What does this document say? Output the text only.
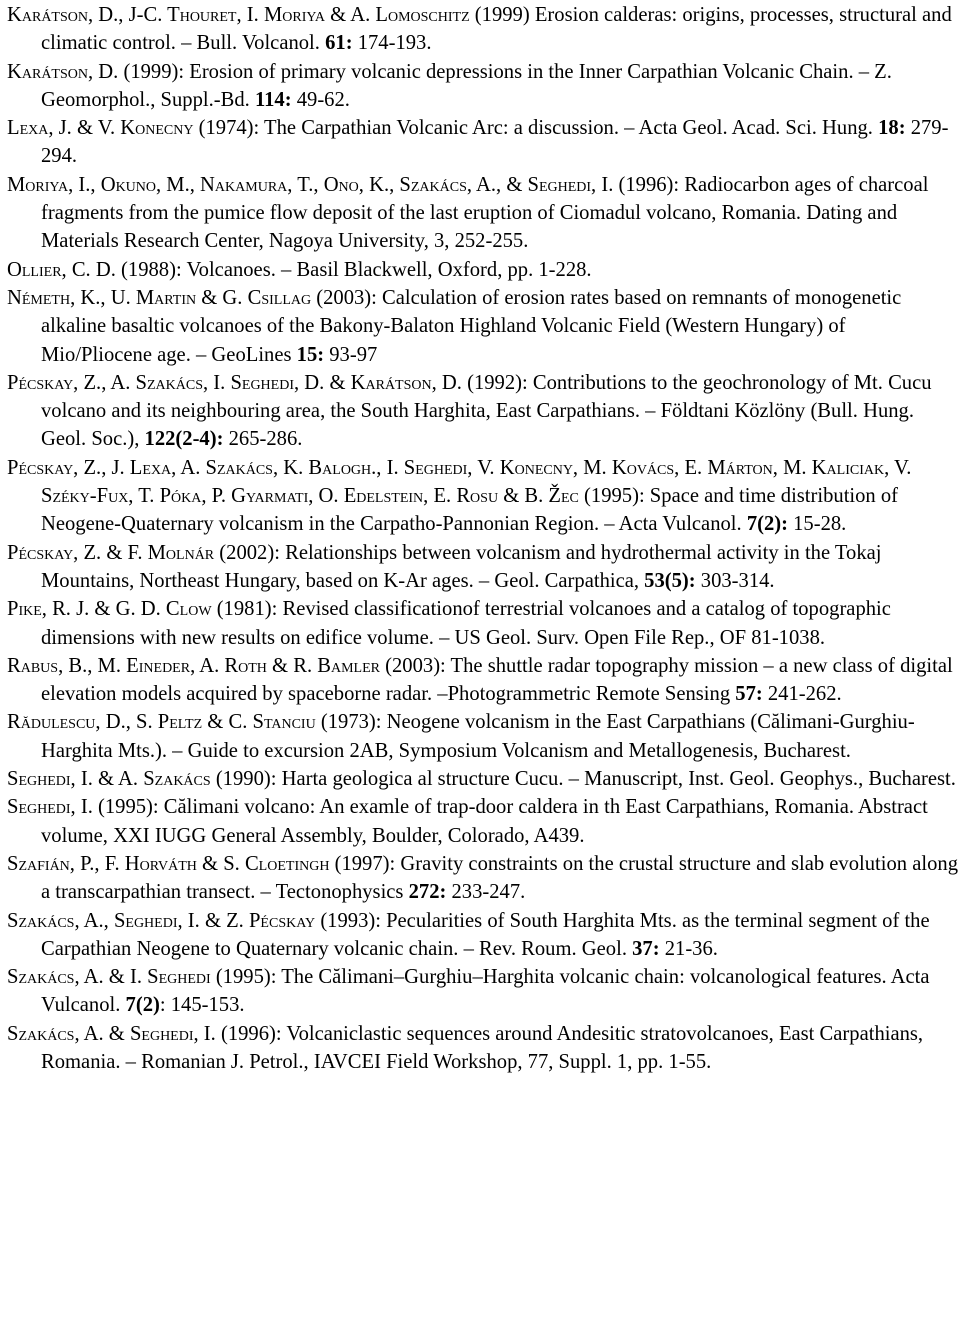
Karátson, D., J-C. Thouret, I. Moriya & A. Lomoschitz (1999) Erosion calderas: origins, processes, structural and climatic control. – Bull. Volcanol. 61: 174-193.

Karátson, D. (1999): Erosion of primary volcanic depressions in the Inner Carpathian Volcanic Chain. – Z. Geomorphol., Suppl.-Bd. 114: 49-62.

Lexa, J. & V. Konecny (1974): The Carpathian Volcanic Arc: a discussion. – Acta Geol. Acad. Sci. Hung. 18: 279-294.

Moriya, I., Okuno, M., Nakamura, T., Ono, K., Szakács, A., & Seghedi, I. (1996): Radiocarbon ages of charcoal fragments from the pumice flow deposit of the last eruption of Ciomadul volcano, Romania. Dating and Materials Research Center, Nagoya University, 3, 252-255.

Ollier, C. D. (1988): Volcanoes. – Basil Blackwell, Oxford, pp. 1-228.

Németh, K., U. Martin & G. Csillag (2003): Calculation of erosion rates based on remnants of monogenetic alkaline basaltic volcanoes of the Bakony-Balaton Highland Volcanic Field (Western Hungary) of Mio/Pliocene age. – GeoLines 15: 93-97

Pécskay, Z., A. Szakács, I. Seghedi, D. & Karátson, D. (1992): Contributions to the geochronology of Mt. Cucu volcano and its neighbouring area, the South Harghita, East Carpathians. – Földtani Közlöny (Bull. Hung. Geol. Soc.), 122(2-4): 265-286.

Pécskay, Z., J. Lexa, A. Szakács, K. Balogh., I. Seghedi, V. Konecny, M. Kovács, E. Márton, M. Kaliciak, V. Széky-Fux, T. Póka, P. Gyarmati, O. Edelstein, E. Rosu & B. Žec (1995): Space and time distribution of Neogene-Quaternary volcanism in the Carpatho-Pannonian Region. – Acta Vulcanol. 7(2): 15-28.

Pécskay, Z. & F. Molnár (2002): Relationships between volcanism and hydrothermal activity in the Tokaj Mountains, Northeast Hungary, based on K-Ar ages. – Geol. Carpathica, 53(5): 303-314.

Pike, R. J. & G. D. Clow (1981): Revised classificationof terrestrial volcanoes and a catalog of topographic dimensions with new results on edifice volume. – US Geol. Surv. Open File Rep., OF 81-1038.

Rabus, B., M. Eineder, A. Roth & R. Bamler (2003): The shuttle radar topography mission – a new class of digital elevation models acquired by spaceborne radar. –Photogrammetric Remote Sensing 57: 241-262.

Rădulescu, D., S. Peltz & C. Stanciu (1973): Neogene volcanism in the East Carpathians (Călimani-Gurghiu-Harghita Mts.). – Guide to excursion 2AB, Symposium Volcanism and Metallogenesis, Bucharest.

Seghedi, I. & A. Szakács (1990): Harta geologica al structure Cucu. – Manuscript, Inst. Geol. Geophys., Bucharest.

Seghedi, I. (1995): Călimani volcano: An examle of trap-door caldera in th East Carpathians, Romania. Abstract volume, XXI IUGG General Assembly, Boulder, Colorado, A439.

Szafián, P., F. Horváth & S. Cloetingh (1997): Gravity constraints on the crustal structure and slab evolution along a transcarpathian transect. – Tectonophysics 272: 233-247.

Szakács, A., Seghedi, I. & Z. Pécskay (1993): Pecularities of South Harghita Mts. as the terminal segment of the Carpathian Neogene to Quaternary volcanic chain. – Rev. Roum. Geol. 37: 21-36.

Szakács, A. & I. Seghedi (1995): The Călimani–Gurghiu–Harghita volcanic chain: volcanological features. Acta Vulcanol. 7(2): 145-153.

Szakács, A. & Seghedi, I. (1996): Volcaniclastic sequences around Andesitic stratovolcanoes, East Carpathians, Romania. – Romanian J. Petrol., IAVCEI Field Workshop, 77, Suppl. 1, pp. 1-55.
